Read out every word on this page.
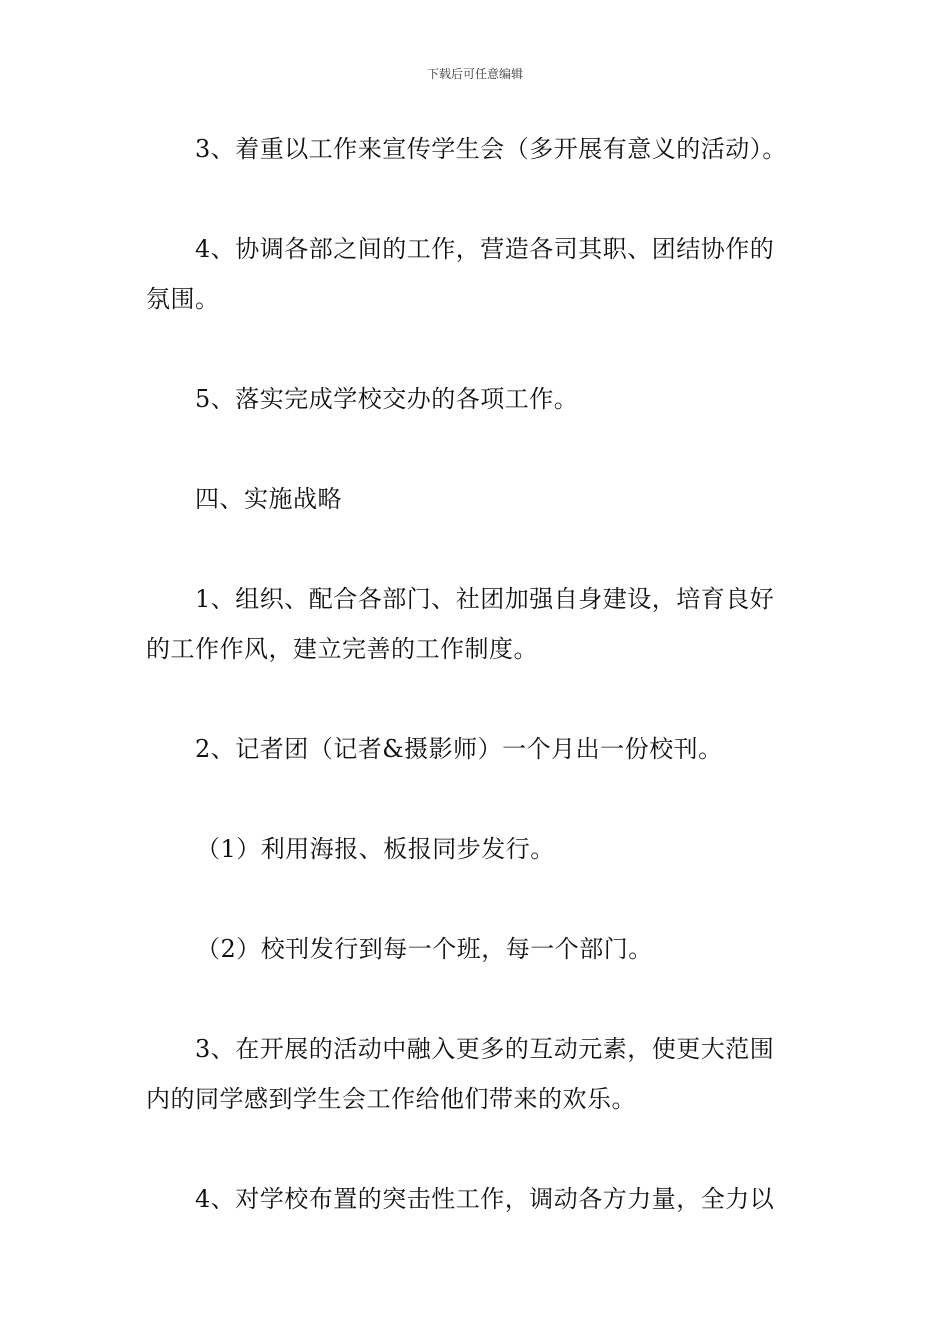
下载后可任意编辑
3、着重以工作来宣传学生会（多开展有意义的活动）。
4、协调各部之间的工作，营造各司其职、团结协作的
氛围。
5、落实完成学校交办的各项工作。
四、实施战略
1、组织、配合各部门、社团加强自身建设，培育良好
的工作作风，建立完善的工作制度。
2、记者团（记者&摄影师）一个月出一份校刊。
（1）利用海报、板报同步发行。
（2）校刊发行到每一个班，每一个部门。
3、在开展的活动中融入更多的互动元素，使更大范围
内的同学感到学生会工作给他们带来的欢乐。
4、对学校布置的突击性工作，调动各方力量，全力以
